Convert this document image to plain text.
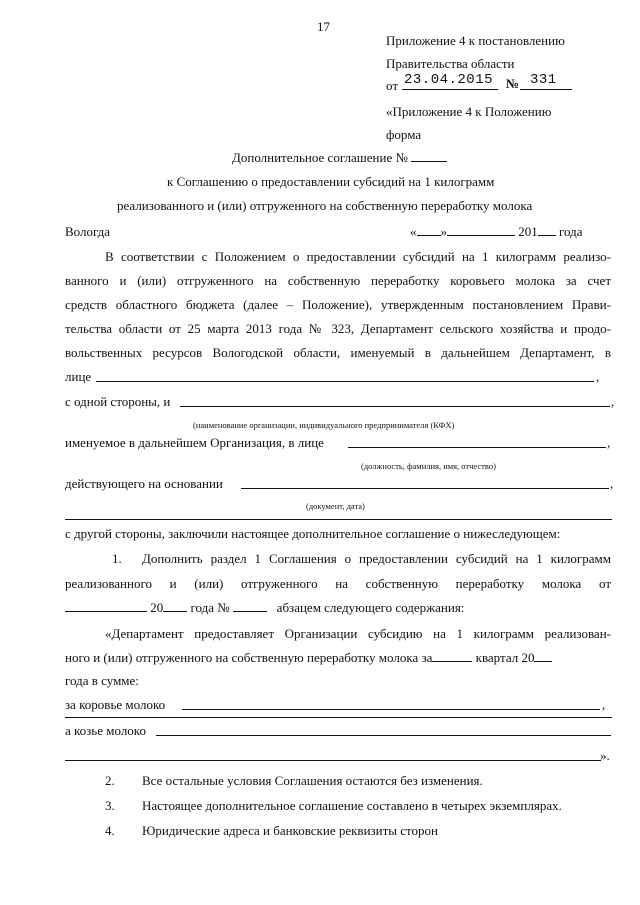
17
Приложение 4 к постановлению
Правительства области
от 23.04.2015 № 331
«Приложение 4 к Положению
форма
Дополнительное соглашение №
к Соглашению о предоставлении субсидий на 1 килограмм
реализованного и (или) отгруженного на собственную переработку молока
Вологда	« »	201 года
В соответствии с Положением о предоставлении субсидий на 1 килограмм реализо-
ванного и (или) отгруженного на собственную переработку коровьего молока за счет
средств областного бюджета (далее – Положение), утвержденным постановлением Прави-
тельства области от 25 марта 2013 года № 323, Департамент сельского хозяйства и продо-
вольственных ресурсов Вологодской области, именуемый в дальнейшем Департамент, в
лице	,
с одной стороны, и	,
(наименование организации, индивидуального предпринимателя (КФХ)
именуемое в дальнейшем Организация, в лице	,
(должность, фамилия, имя, отчество)
действующего на основании	,
(документ, дата)
с другой стороны, заключили настоящее дополнительное соглашение о нижеследующем:
1. Дополнить раздел 1 Соглашения о предоставлении субсидий на 1 килограмм
реализованного и (или) отгруженного на собственную переработку молока от
20 года №	абзацем следующего содержания:
«Департамент предоставляет Организации субсидию на 1 килограмм реализован-
ного и (или) отгруженного на собственную переработку молока за	квартал 20
года в сумме:
за коровье молоко	,
а козье молоко
».
2. Все остальные условия Соглашения остаются без изменения.
3. Настоящее дополнительное соглашение составлено в четырех экземплярах.
4. Юридические адреса и банковские реквизиты сторон
